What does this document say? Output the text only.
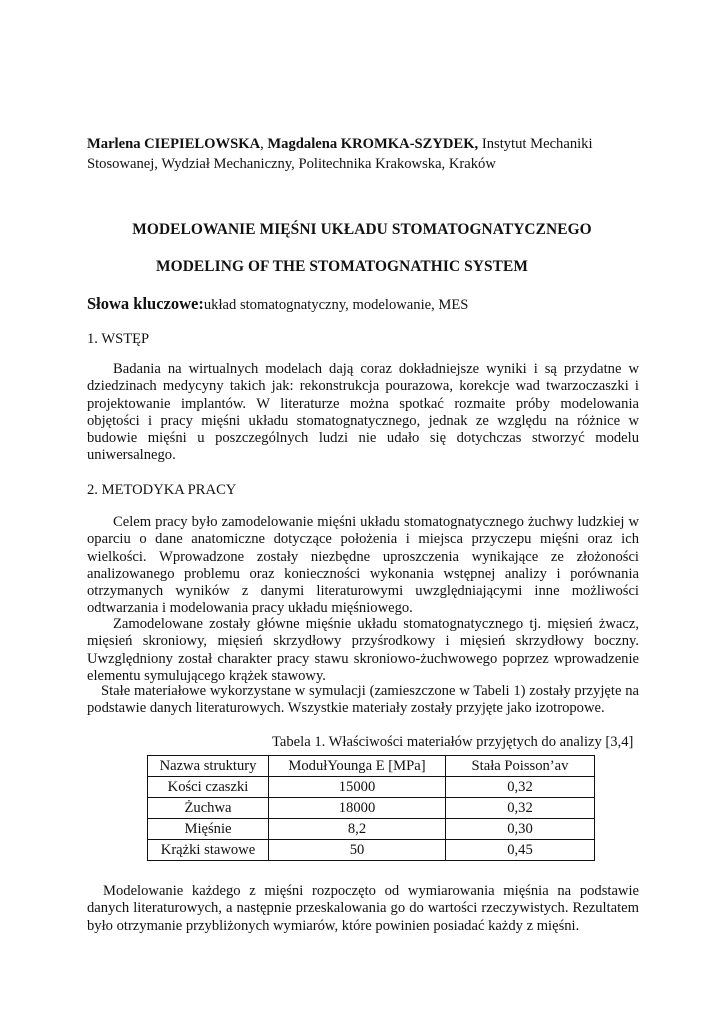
Marlena CIEPIELOWSKA, Magdalena KROMKA-SZYDEK, Instytut Mechaniki Stosowanej, Wydział Mechaniczny, Politechnika Krakowska, Kraków
MODELOWANIE MIĘŚNI UKŁADU STOMATOGNATYCZNEGO
MODELING OF THE STOMATOGNATHIC SYSTEM
Słowa kluczowe:układ stomatognatyczny, modelowanie, MES
1. WSTĘP
Badania na wirtualnych modelach dają coraz dokładniejsze wyniki i są przydatne w dziedzinach medycyny takich jak: rekonstrukcja pourazowa, korekcje wad twarzoczaszki i projektowanie implantów. W literaturze można spotkać rozmaite próby modelowania objętości i pracy mięśni układu stomatognatycznego, jednak ze względu na różnice w budowie mięśni u poszczególnych ludzi nie udało się dotychczas stworzyć modelu uniwersalnego.
2. METODYKA PRACY
Celem pracy było zamodelowanie mięśni układu stomatognatycznego żuchwy ludzkiej w oparciu o dane anatomiczne dotyczące położenia i miejsca przyczepu mięśni oraz ich wielkości. Wprowadzone zostały niezbędne uproszczenia wynikające ze złożoności analizowanego problemu oraz konieczności wykonania wstępnej analizy i porównania otrzymanych wyników z danymi literaturowymi uwzględniającymi inne możliwości odtwarzania i modelowania pracy układu mięśniowego.
Zamodelowane zostały główne mięśnie układu stomatognatycznego tj. mięsień żwacz, mięsień skroniowy, mięsień skrzydłowy przyśrodkowy i mięsień skrzydłowy boczny. Uwzględniony został charakter pracy stawu skroniowo-żuchwowego poprzez wprowadzenie elementu symulującego krążek stawowy.
Stałe materiałowe wykorzystane w symulacji (zamieszczone w Tabeli 1) zostały przyjęte na podstawie danych literaturowych. Wszystkie materiały zostały przyjęte jako izotropowe.
Tabela 1. Właściwości materiałów przyjętych do analizy [3,4]
Nazwa struktury	ModułYounga E [MPa]	Stała Poisson’av
Kości czaszki	15000	0,32
Żuchwa	18000	0,32
Mięśnie	8,2	0,30
Krążki stawowe	50	0,45
Modelowanie każdego z mięśni rozpoczęto od wymiarowania mięśnia na podstawie danych literaturowych, a następnie przeskalowania go do wartości rzeczywistych. Rezultatem było otrzymanie przybliżonych wymiarów, które powinien posiadać każdy z mięśni.
